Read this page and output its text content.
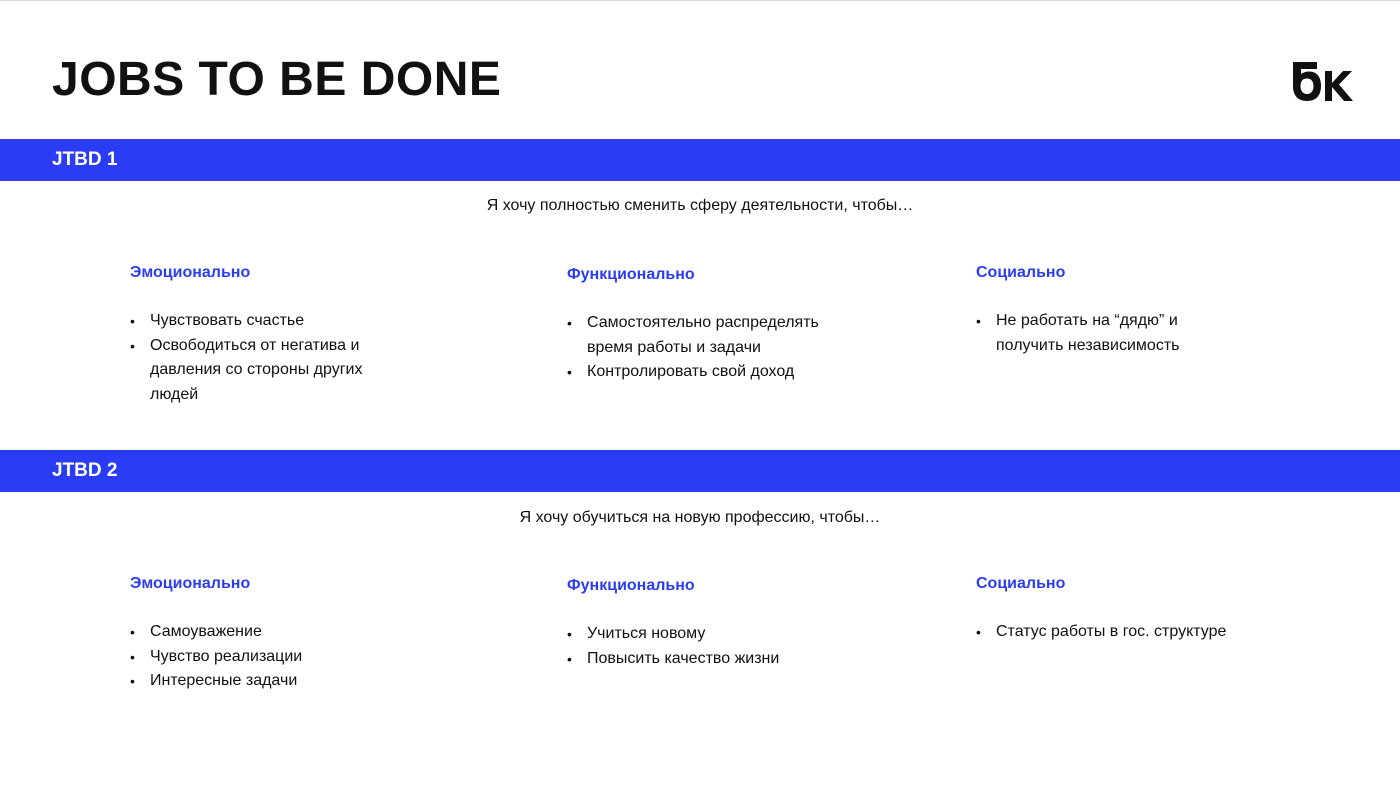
JOBS TO BE DONE
JTBD 1
Я хочу полностью сменить сферу деятельности, чтобы…
Эмоционально
• Чувствовать счастье
• Освободиться от негатива и давления со стороны других людей
Функционально
• Самостоятельно распределять время работы и задачи
• Контролировать свой доход
Социально
• Не работать на “дядю” и получить независимость
JTBD 2
Я хочу обучиться на новую профессию, чтобы…
Эмоционально
• Самоуважение
• Чувство реализации
• Интересные задачи
Функционально
• Учиться новому
• Повысить качество жизни
Социально
• Статус работы в гос. структуре
